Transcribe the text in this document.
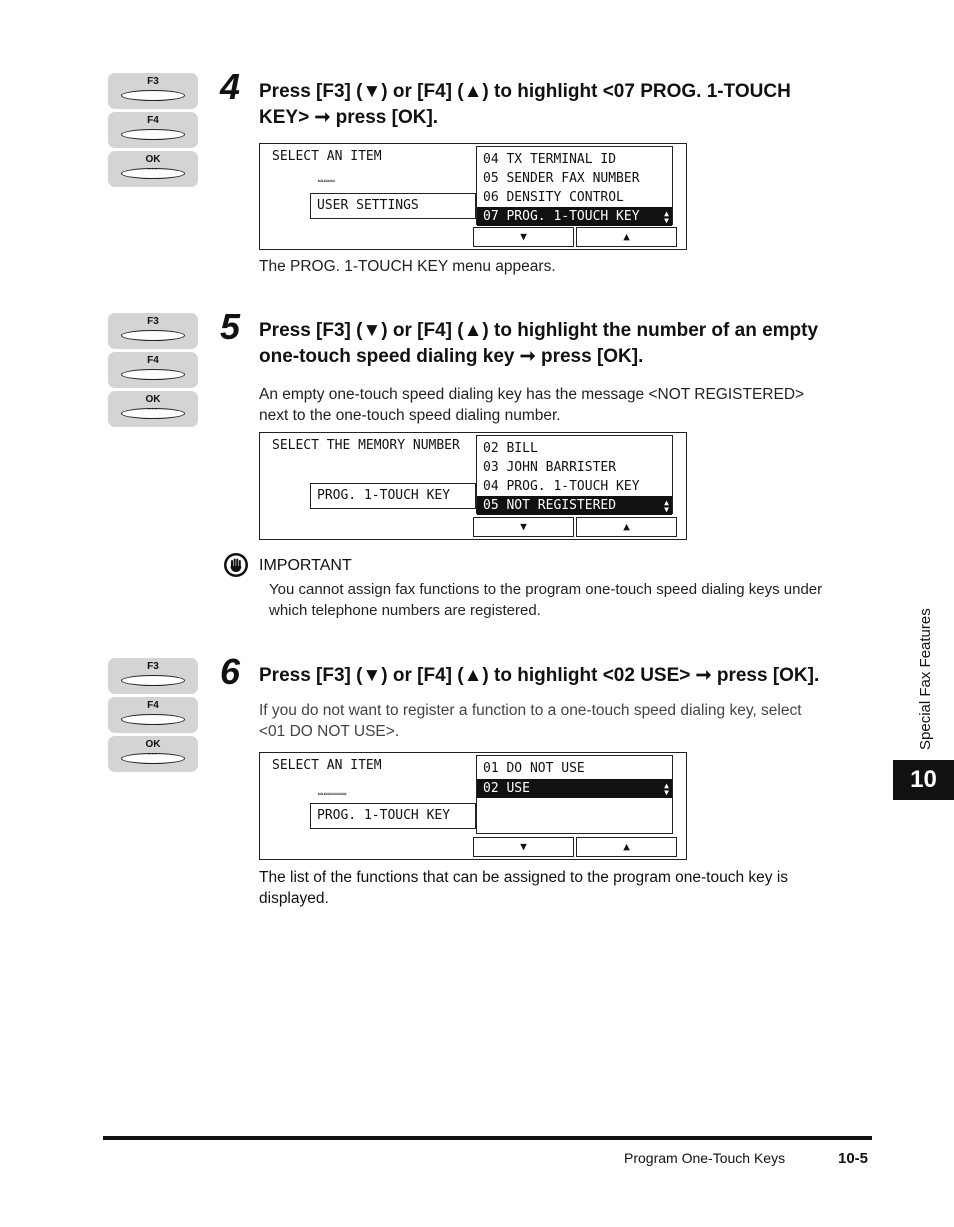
F3
F4
OK
◦◦◦
4 Press [F3] (▼) or [F4] (▲) to highlight <07 PROG. 1-TOUCH
KEY> ➞ press [OK].
SELECT AN ITEM
▭▭▭
USER SETTINGS
04 TX TERMINAL ID
05 SENDER FAX NUMBER
06 DENSITY CONTROL
07 PROG. 1-TOUCH KEY	▲
▼
▼	▲
The PROG. 1-TOUCH KEY menu appears.
F3
F4
OK
◦◦◦
5 Press [F3] (▼) or [F4] (▲) to highlight the number of an empty
one-touch speed dialing key ➞ press [OK].
An empty one-touch speed dialing key has the message <NOT REGISTERED>
next to the one-touch speed dialing number.
SELECT THE MEMORY NUMBER
PROG. 1-TOUCH KEY
02 BILL
03 JOHN BARRISTER
04 PROG. 1-TOUCH KEY
05 NOT REGISTERED	▲
▼
▼	▲
IMPORTANT
You cannot assign fax functions to the program one-touch speed dialing keys under
which telephone numbers are registered.
F3
F4
OK
◦◦◦
6 Press [F3] (▼) or [F4] (▲) to highlight <02 USE> ➞ press [OK].
If you do not want to register a function to a one-touch speed dialing key, select
<01 DO NOT USE>.
SELECT AN ITEM
▭▭▭▭▭
PROG. 1-TOUCH KEY
01 DO NOT USE
02 USE	▲
▼
▼	▲
The list of the functions that can be assigned to the program one-touch key is
displayed.
Special Fax Features
10
Program One-Touch Keys	10-5
